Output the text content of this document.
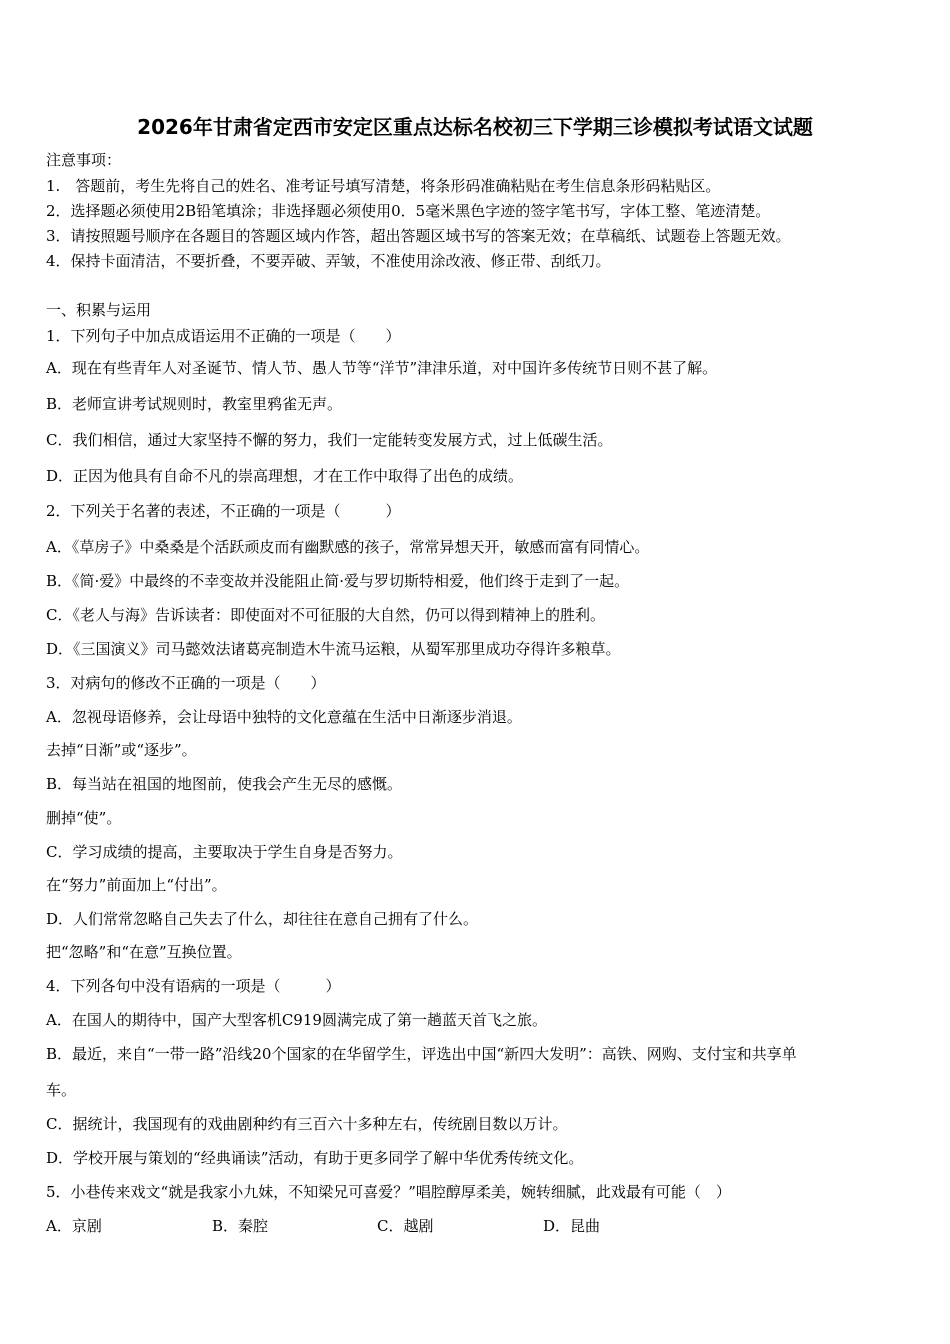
2026年甘肃省定西市安定区重点达标名校初三下学期三诊模拟考试语文试题
注意事项：
1.　答题前，考生先将自己的姓名、准考证号填写清楚，将条形码准确粘贴在考生信息条形码粘贴区。
2．选择题必须使用2B铅笔填涂；非选择题必须使用0．5毫米黑色字迹的签字笔书写，字体工整、笔迹清楚。
3．请按照题号顺序在各题目的答题区域内作答，超出答题区域书写的答案无效；在草稿纸、试题卷上答题无效。
4．保持卡面清洁，不要折叠，不要弄破、弄皱，不准使用涂改液、修正带、刮纸刀。
一、积累与运用
1．下列句子中加点成语运用不正确的一项是（　　）
A．现在有些青年人对圣诞节、情人节、愚人节等“洋节”津津乐道，对中国许多传统节日则不甚了解。
B．老师宣讲考试规则时，教室里鸦雀无声。
C．我们相信，通过大家坚持不懈的努力，我们一定能转变发展方式，过上低碳生活。
D．正因为他具有自命不凡的崇高理想，才在工作中取得了出色的成绩。
2．下列关于名著的表述，不正确的一项是（　　　）
A．《草房子》中桑桑是个活跃顽皮而有幽默感的孩子，常常异想天开，敏感而富有同情心。
B．《简·爱》中最终的不幸变故并没能阻止简·爱与罗切斯特相爱，他们终于走到了一起。
C．《老人与海》告诉读者：即使面对不可征服的大自然，仍可以得到精神上的胜利。
D．《三国演义》司马懿效法诸葛亮制造木牛流马运粮，从蜀军那里成功夺得许多粮草。
3．对病句的修改不正确的一项是（　　）
A．忽视母语修养，会让母语中独特的文化意蕴在生活中日渐逐步消退。
去掉“日渐”或“逐步”。
B．每当站在祖国的地图前，使我会产生无尽的感慨。
删掉“使”。
C．学习成绩的提高，主要取决于学生自身是否努力。
在“努力”前面加上“付出”。
D．人们常常忽略自己失去了什么，却往往在意自己拥有了什么。
把“忽略”和“在意”互换位置。
4．下列各句中没有语病的一项是（　　　）
A．在国人的期待中，国产大型客机C919圆满完成了第一趟蓝天首飞之旅。
B．最近，来自“一带一路”沿线20个国家的在华留学生，评选出中国“新四大发明”：高铁、网购、支付宝和共享单
车。
C．据统计，我国现有的戏曲剧种约有三百六十多种左右，传统剧目数以万计。
D．学校开展与策划的“经典诵读”活动，有助于更多同学了解中华优秀传统文化。
5．小巷传来戏文“就是我家小九妹，不知梁兄可喜爱？”唱腔醇厚柔美，婉转细腻，此戏最有可能（　）
A．京剧	B．秦腔	C．越剧	D．昆曲
